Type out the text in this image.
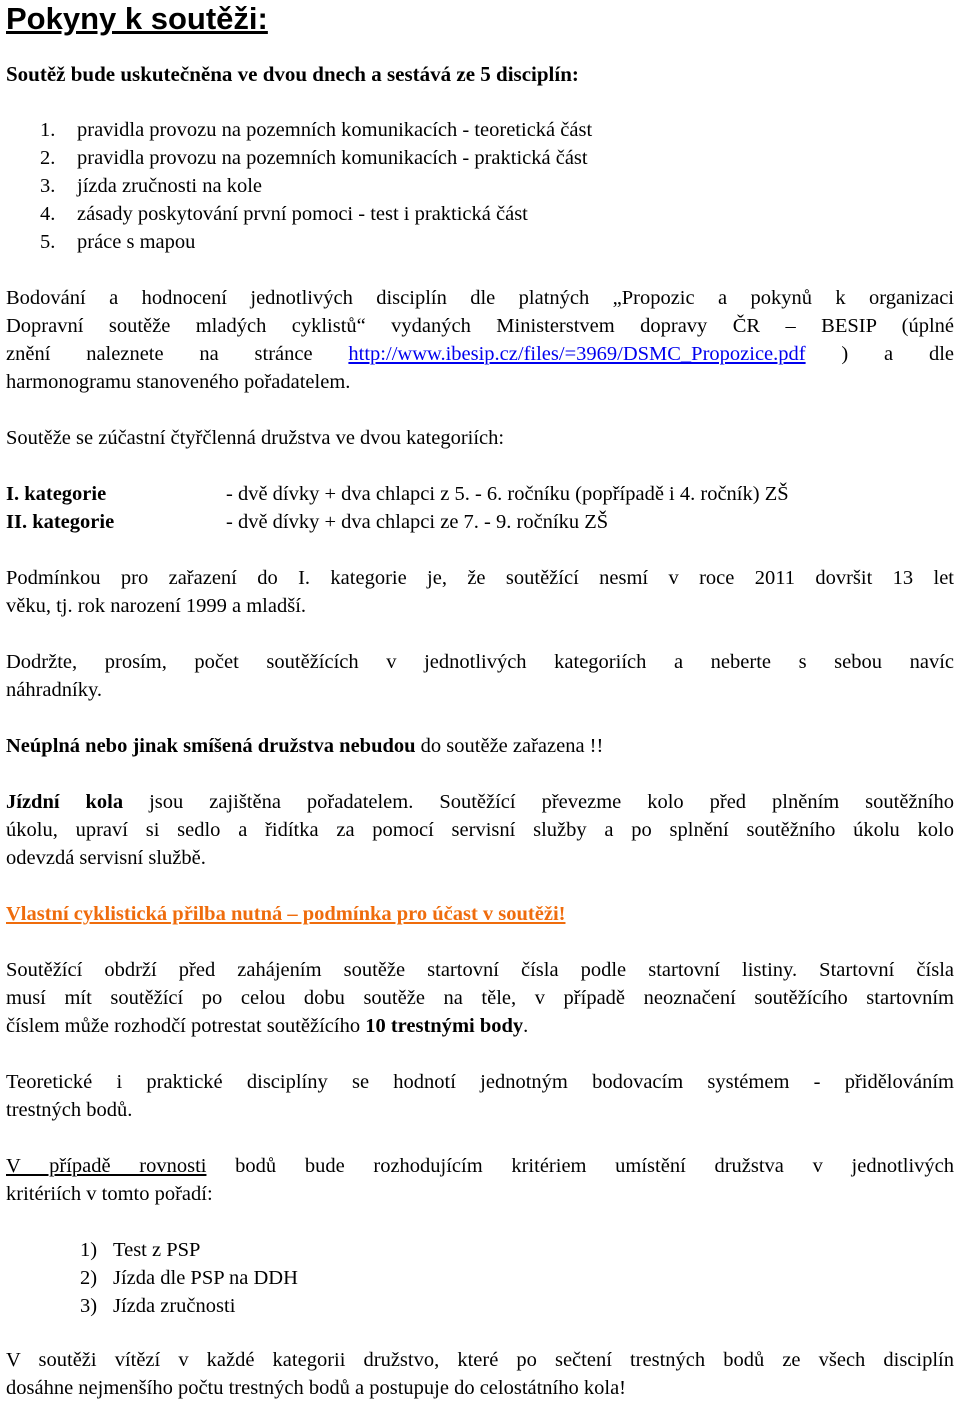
Pokyny k soutěži:
Soutěž bude uskutečněna ve dvou dnech a sestává ze 5 disciplín:
1. pravidla provozu na pozemních komunikacích - teoretická část
2. pravidla provozu na pozemních komunikacích - praktická část
3. jízda zručnosti na kole
4. zásady poskytování první pomoci - test i praktická část
5. práce s mapou
Bodování a hodnocení jednotlivých disciplín dle platných „Propozic a pokynů k organizaci
Dopravní soutěže mladých cyklistů“ vydaných Ministerstvem dopravy ČR – BESIP (úplné
znění naleznete na stránce http://www.ibesip.cz/files/=3969/DSMC_Propozice.pdf ) a dle
harmonogramu stanoveného pořadatelem.
Soutěže se zúčastní čtyřčlenná družstva ve dvou kategoriích:
I. kategorie	- dvě dívky + dva chlapci z 5. - 6. ročníku (popřípadě i 4. ročník) ZŠ
II. kategorie	- dvě dívky + dva chlapci ze 7. - 9. ročníku ZŠ
Podmínkou pro zařazení do I. kategorie je, že soutěžící nesmí v roce 2011 dovršit 13 let
věku, tj. rok narození 1999 a mladší.
Dodržte, prosím, počet soutěžících v jednotlivých kategoriích a neberte s sebou navíc
náhradníky.
Neúplná nebo jinak smíšená družstva nebudou do soutěže zařazena !!
Jízdní kola jsou zajištěna pořadatelem. Soutěžící převezme kolo před plněním soutěžního
úkolu, upraví si sedlo a řidítka za pomocí servisní služby a po splnění soutěžního úkolu kolo
odevzdá servisní službě.
Vlastní cyklistická přilba nutná – podmínka pro účast v soutěži!
Soutěžící obdrží před zahájením soutěže startovní čísla podle startovní listiny. Startovní čísla
musí mít soutěžící po celou dobu soutěže na těle, v případě neoznačení soutěžícího startovním
číslem může rozhodčí potrestat soutěžícího 10 trestnými body.
Teoretické i praktické disciplíny se hodnotí jednotným bodovacím systémem - přidělováním
trestných bodů.
V případě rovnosti bodů bude rozhodujícím kritériem umístění družstva v jednotlivých
kritériích v tomto pořadí:
1) Test z PSP
2) Jízda dle PSP na DDH
3) Jízda zručnosti
V soutěži vítězí v každé kategorii družstvo, které po sečtení trestných bodů ze všech disciplín
dosáhne nejmenšího počtu trestných bodů a postupuje do celostátního kola!
